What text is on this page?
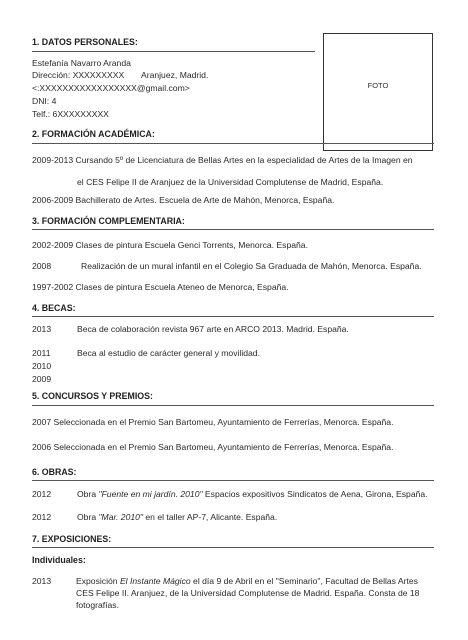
FOTO
1. DATOS PERSONALES:
Estefanía Navarro Aranda
Dirección: XXXXXXXXX Aranjuez, Madrid.
<:XXXXXXXXXXXXXXXXX@gmail.com>
DNI: 4
Telf.: 6XXXXXXXXX
2. FORMACIÓN ACADÉMICA:
2009-2013 Cursando 5º de Licenciatura de Bellas Artes en la especialidad de Artes de la Imagen en
el CES Felipe II de Aranjuez de la Universidad Complutense de Madrid, España.
2006-2009 Bachillerato de Artes. Escuela de Arte de Mahón, Menorca, España.
3. FORMACIÓN COMPLEMENTARIA:
2002-2009 Clases de pintura Escuela Genci Torrents, Menorca. España.
2008	Realización de un mural infantil en el Colegio Sa Graduada de Mahón, Menorca. España.
1997-2002 Clases de pintura Escuela Ateneo de Menorca, España.
4. BECAS:
2013	Beca de colaboración revista 967 arte en ARCO 2013. Madrid. España.
2011	Beca al estudio de carácter general y movilidad.
2010
2009
5. CONCURSOS Y PREMIOS:
2007 Seleccionada en el Premio San Bartomeu, Ayuntamiento de Ferrerías, Menorca. España.
2006 Seleccionada en el Premio San Bartomeu, Ayuntamiento de Ferrerías, Menorca. España.
6. OBRAS:
2012	Obra "Fuente en mi jardín. 2010" Espacios expositivos Sindicatos de Aena, Girona, España.
2012	Obra "Mar. 2010" en el taller AP-7, Alicante. España.
7. EXPOSICIONES:
Individuales:
2013	Exposición El Instante Mágico el día 9 de Abril en el "Seminario", Facultad de Bellas Artes
CES Felipe II. Aranjuez, de la Universidad Complutense de Madrid. España. Consta de 18
fotografías.
